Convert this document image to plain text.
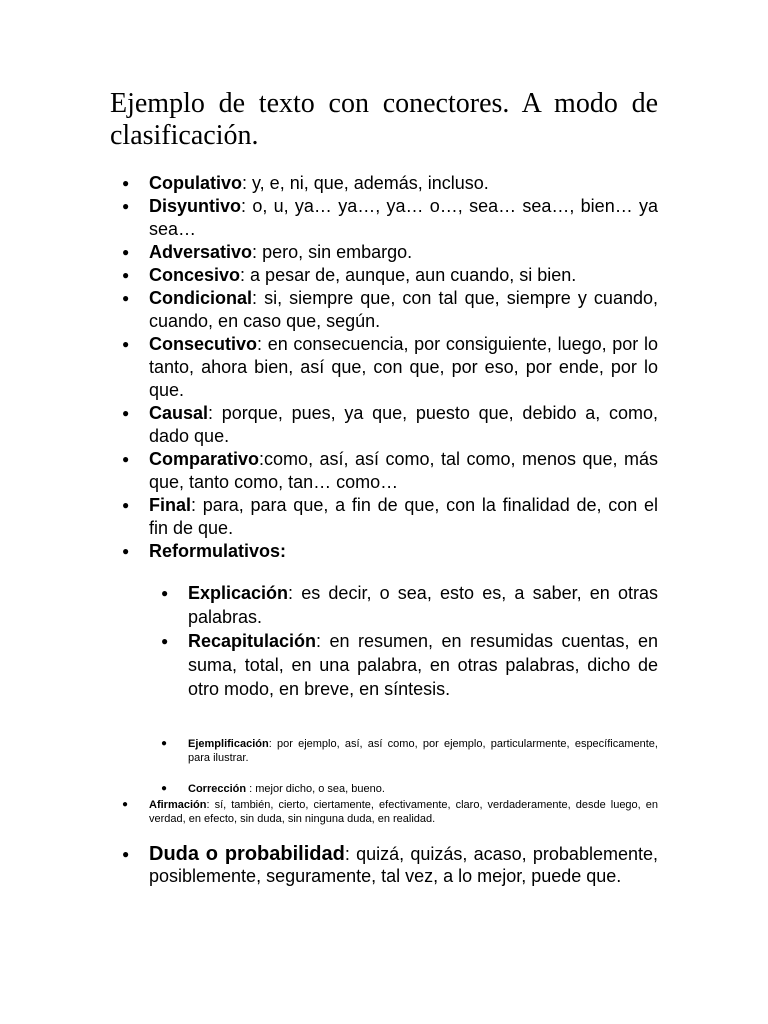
Ejemplo de texto con conectores. A modo de clasificación.
● Copulativo: y, e, ni, que, además, incluso.

● Disyuntivo: o, u, ya… ya…, ya… o…, sea… sea…, bien… ya sea…

● Adversativo: pero, sin embargo.

● Concesivo: a pesar de, aunque, aun cuando, si bien.

● Condicional: si, siempre que, con tal que, siempre y cuando, cuando, en caso que, según.

● Consecutivo: en consecuencia, por consiguiente, luego, por lo tanto, ahora bien, así que, con que, por eso, por ende, por lo que.

● Causal: porque, pues, ya que, puesto que, debido a, como, dado que.

● Comparativo:como, así, así como, tal como, menos que, más que, tanto como, tan… como…

● Final: para, para que, a fin de que, con la finalidad de, con el fin de que.

● Reformulativos:

● Explicación: es decir, o sea, esto es, a saber, en otras palabras.

● Recapitulación: en resumen, en resumidas cuentas, en suma, total, en una palabra, en otras palabras, dicho de otro modo, en breve, en síntesis.

● Ejemplificación: por ejemplo, así, así como, por ejemplo, particularmente, específicamente, para ilustrar.

● Corrección : mejor dicho, o sea, bueno.

● Afirmación: sí, también, cierto, ciertamente, efectivamente, claro, verdaderamente, desde luego, en verdad, en efecto, sin duda, sin ninguna duda, en realidad.

● Duda o probabilidad: quizá, quizás, acaso, probablemente, posiblemente, seguramente, tal vez, a lo mejor, puede que.
